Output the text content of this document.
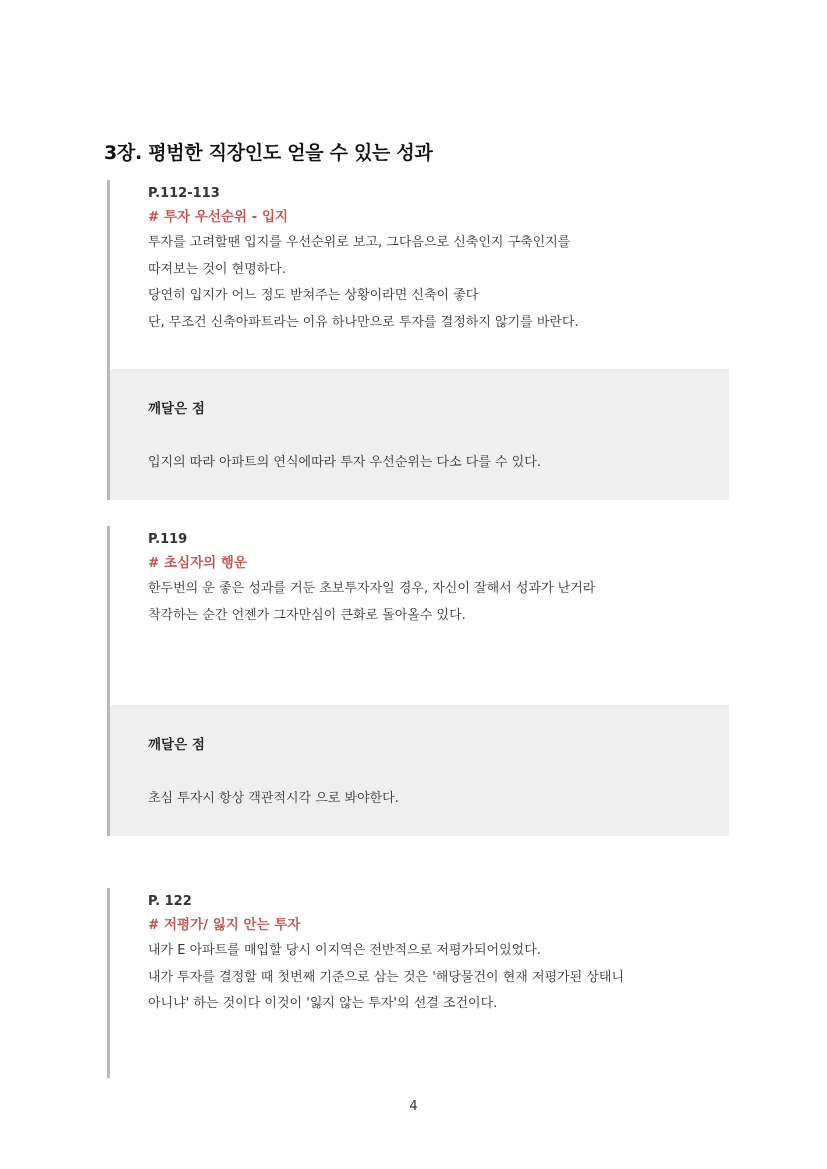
3장. 평범한 직장인도 얻을 수 있는 성과
P.112-113
# 투자 우선순위 - 입지
투자를 고려할땐 입지를 우선순위로 보고, 그다음으로 신축인지 구축인지를
따져보는 것이 현명하다.
당연히 입지가 어느 정도 받쳐주는 상황이라면 신축이 좋다
단, 무조건 신축아파트라는 이유 하나만으로 투자를 결정하지 않기를 바란다.
깨달은 점
입지의 따라 아파트의 연식에따라 투자 우선순위는 다소 다를 수 있다.
P.119
# 초심자의 행운
한두번의 운 좋은 성과를 거둔 초보투자자일 경우, 자신이 잘해서 성과가 난거라
착각하는 순간 언젠가 그자만심이 큰화로 돌아올수 있다.
깨달은 점
초심 투자시 항상 객관적시각 으로 봐야한다.
P. 122
# 저평가/ 잃지 안는 투자
내가 E 아파트를 매입할 당시 이지역은 전반적으로 저평가되어있었다.
내가 투자를 결정할 때 첫번째 기준으로 삼는 것은 '해당물건이 현재 저평가된 상태니
아니냐' 하는 것이다 이것이 '잃지 않는 투자'의 선결 조건이다.
4
